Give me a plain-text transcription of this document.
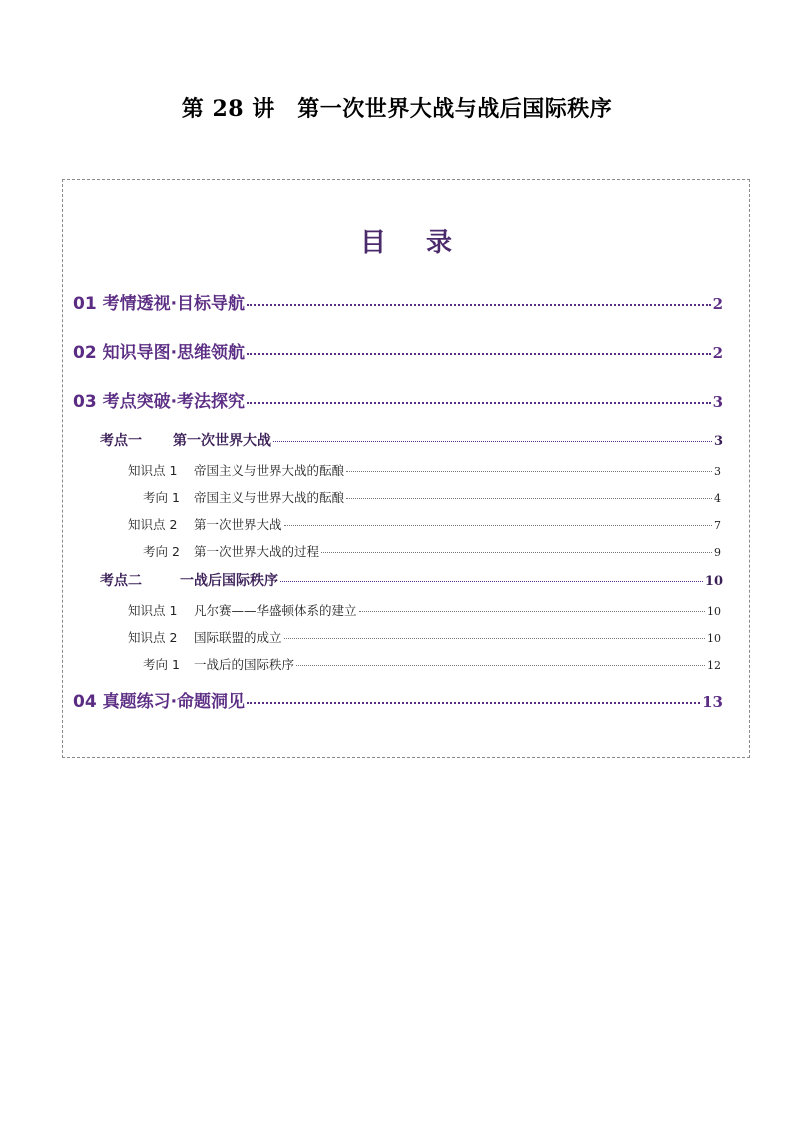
第 28 讲　第一次世界大战与战后国际秩序
目 录
01 考情透视·目标导航	2
02 知识导图·思维领航	2
03 考点突破·考法探究	3
考点一 第一次世界大战	3
知识点 1 帝国主义与世界大战的酝酿	3
考向 1 帝国主义与世界大战的酝酿	4
知识点 2 第一次世界大战	7
考向 2 第一次世界大战的过程	9
考点二	一战后国际秩序	10
知识点 1 凡尔赛——华盛顿体系的建立	10
知识点 2 国际联盟的成立	10
考向 1 一战后的国际秩序	12
04 真题练习·命题洞见	13
